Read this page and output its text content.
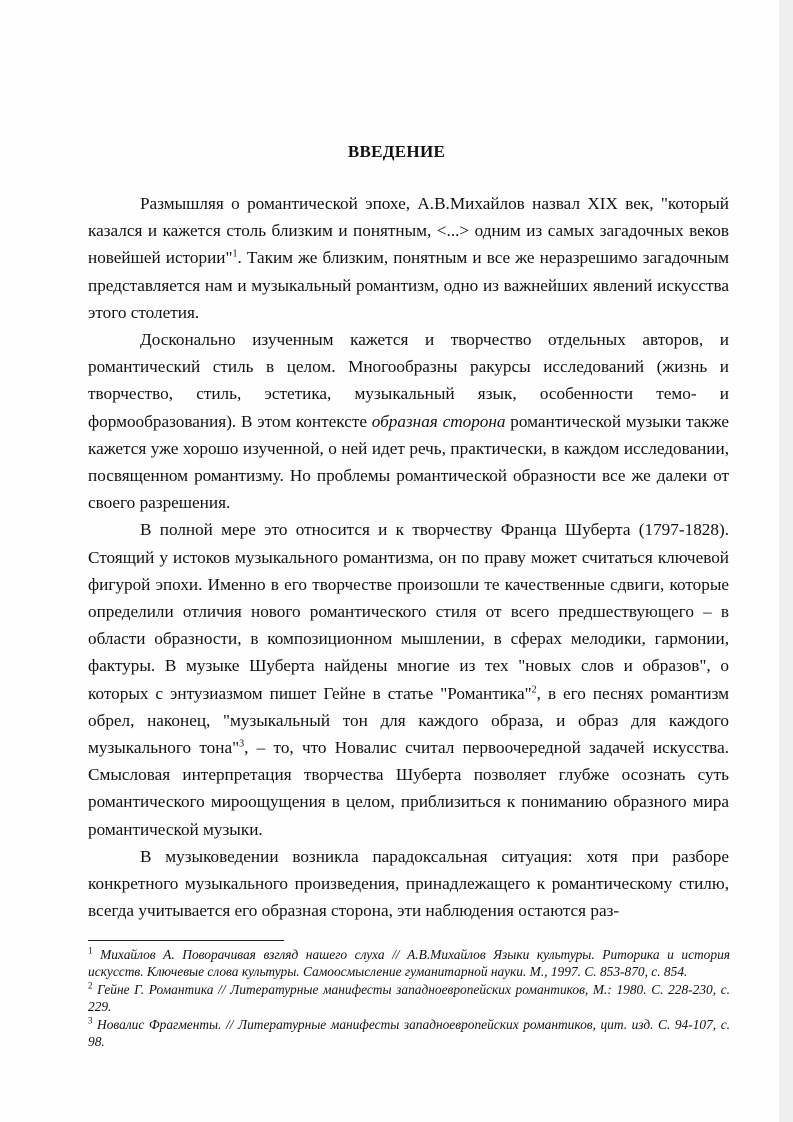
ВВЕДЕНИЕ

Размышляя о романтической эпохе, А.В.Михайлов назвал XIX век, "который казался и кажется столь близким и понятным, <...> одним из самых загадочных веков новейшей истории"$^1$. Таким же близким, понятным и все же неразрешимо загадочным представляется нам и музыкальный романтизм, одно из важнейших явлений искусства этого столетия.

Досконально изученным кажется и творчество отдельных авторов, и романтический стиль в целом. Многообразны ракурсы исследований (жизнь и творчество, стиль, эстетика, музыкальный язык, особенности темо- и формообразования). В этом контексте образная сторона романтической музыки также кажется уже хорошо изученной, о ней идет речь, практически, в каждом исследовании, посвященном романтизму. Но проблемы романтической образности все же далеки от своего разрешения.

В полной мере это относится и к творчеству Франца Шуберта (1797-1828). Стоящий у истоков музыкального романтизма, он по праву может считаться ключевой фигурой эпохи. Именно в его творчестве произошли те качественные сдвиги, которые определили отличия нового романтического стиля от всего предшествующего – в области образности, в композиционном мышлении, в сферах мелодики, гармонии, фактуры. В музыке Шуберта найдены многие из тех "новых слов и образов", о которых с энтузиазмом пишет Гейне в статье "Романтика"$^2$, в его песнях романтизм обрел, наконец, "музыкальный тон для каждого образа, и образ для каждого музыкального тона"$^3$, – то, что Новалис считал первоочередной задачей искусства. Смысловая интерпретация творчества Шуберта позволяет глубже осознать суть романтического мироощущения в целом, приблизиться к пониманию образного мира романтической музыки.

В музыковедении возникла парадоксальная ситуация: хотя при разборе конкретного музыкального произведения, принадлежащего к романтическому стилю, всегда учитывается его образная сторона, эти наблюдения остаются раз-

$^1$ Михайлов А. Поворачивая взгляд нашего слуха // А.В.Михайлов Языки культуры. Риторика и история искусств. Ключевые слова культуры. Самоосмысление гуманитарной науки. М., 1997. С. 853-870, с. 854.
$^2$ Гейне Г. Романтика // Литературные манифесты западноевропейских романтиков, М.: 1980. С. 228-230, с. 229.
$^3$ Новалис Фрагменты. // Литературные манифесты западноевропейских романтиков, цит. изд. С. 94-107, с. 98.
